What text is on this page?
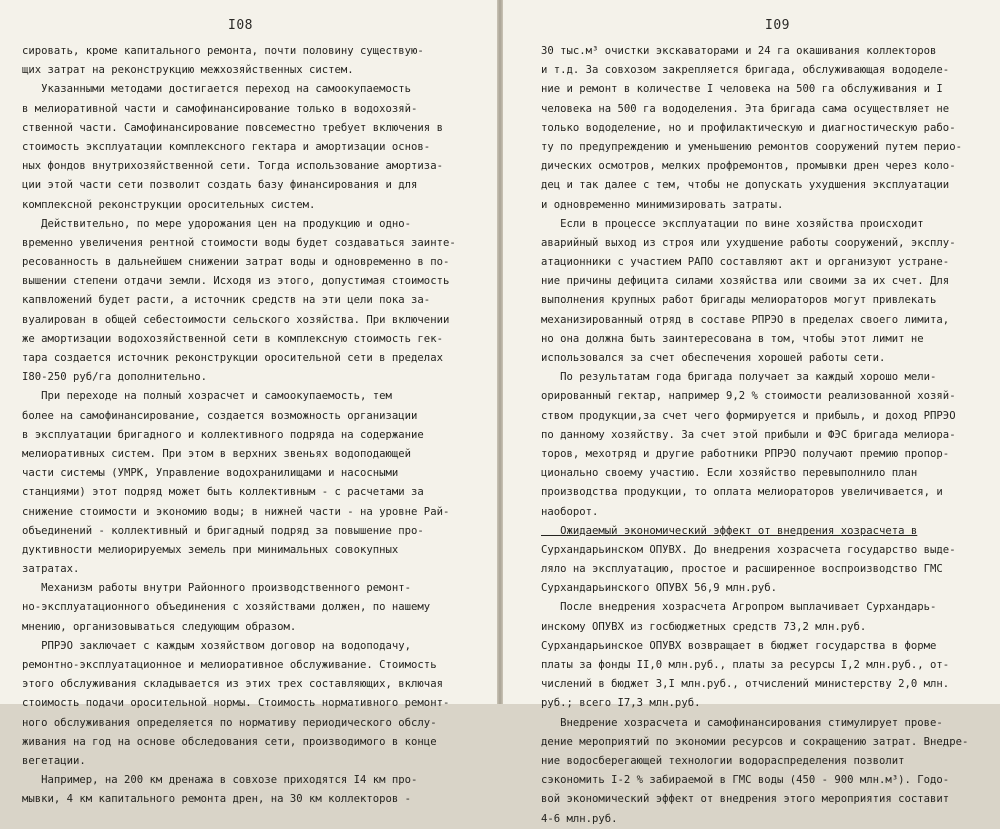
I08
сировать, кроме капитального ремонта, почти половину существую-
щих затрат на реконструкцию межхозяйственных систем.
Указанными методами достигается переход на самоокупаемость
в мелиоративной части и самофинансирование только в водохозяй-
ственной части. Самофинансирование повсеместно требует включения в
стоимость эксплуатации комплексного гектара и амортизации основ-
ных фондов внутрихозяйственной сети. Тогда использование амортиза-
ции этой части сети позволит создать базу финансирования и для
комплексной реконструкции оросительных систем.
Действительно, по мере удорожания цен на продукцию и одно-
временно увеличения рентной стоимости воды будет создаваться заинте-
ресованность в дальнейшем снижении затрат воды и одновременно в по-
вышении степени отдачи земли. Исходя из этого, допустимая стоимость
капвложений будет расти, а источник средств на эти цели пока за-
вуалирован в общей себестоимости сельского хозяйства. При включении
же амортизации водохозяйственной сети в комплексную стоимость гек-
тара создается источник реконструкции оросительной сети в пределах
I80-250 руб/га дополнительно.
При переходе на полный хозрасчет и самоокупаемость, тем
более на самофинансирование, создается возможность организации
в эксплуатации бригадного и коллективного подряда на содержание
мелиоративных систем. При этом в верхних звеньях водоподающей
части системы (УМРК, Управление водохранилищами и насосными
станциями) этот подряд может быть коллективным - с расчетами за
снижение стоимости и экономию воды; в нижней части - на уровне Рай-
объединений - коллективный и бригадный подряд за повышение про-
дуктивности мелиорируемых земель при минимальных совокупных
затратах.
Механизм работы внутри Районного производственного ремонт-
но-эксплуатационного объединения с хозяйствами должен, по нашему
мнению, организовываться следующим образом.
РПРЭО заключает с каждым хозяйством договор на водоподачу,
ремонтно-эксплуатационное и мелиоративное обслуживание. Стоимость
этого обслуживания складывается из этих трех составляющих, включая
стоимость подачи оросительной нормы. Стоимость нормативного ремонт-
ного обслуживания определяется по нормативу периодического обслу-
живания на год на основе обследования сети, производимого в конце
вегетации.
Например, на 200 км дренажа в совхозе приходятся I4 км про-
мывки, 4 км капитального ремонта дрен, на 30 км коллекторов -
I09
30 тыс.м³ очистки экскаваторами и 24 га окашивания коллекторов
и т.д. За совхозом закрепляется бригада, обслуживающая вододеле-
ние и ремонт в количестве I человека на 500 га обслуживания и I
человека на 500 га вододеления. Эта бригада сама осуществляет не
только вододеление, но и профилактическую и диагностическую рабо-
ту по предупреждению и уменьшению ремонтов сооружений путем перио-
дических осмотров, мелких профремонтов, промывки дрен через коло-
дец и так далее с тем, чтобы не допускать ухудшения эксплуатации
и одновременно минимизировать затраты.
Если в процессе эксплуатации по вине хозяйства происходит
аварийный выход из строя или ухудшение работы сооружений, эксплу-
атационники с участием РАПО составляют акт и организуют устране-
ние причины дефицита силами хозяйства или своими за их счет. Для
выполнения крупных работ бригады мелиораторов могут привлекать
механизированный отряд в составе РПРЭО в пределах своего лимита,
но она должна быть заинтересована в том, чтобы этот лимит не
использовался за счет обеспечения хорошей работы сети.
По результатам года бригада получает за каждый хорошо мели-
орированный гектар, например 9,2 % стоимости реализованной хозяй-
ством продукции,за счет чего формируется и прибыль, и доход РПРЭО
по данному хозяйству. За счет этой прибыли и ФЭС бригада мелиора-
торов, мехотряд и другие работники РПРЭО получают премию пропор-
ционально своему участию. Если хозяйство перевыполнило план
производства продукции, то оплата мелиораторов увеличивается, и
наоборот.
Ожидаемый экономический эффект от внедрения хозрасчета в
Сурхандарьинском ОПУВХ. До внедрения хозрасчета государство выде-
ляло на эксплуатацию, простое и расширенное воспроизводство ГМС
Сурхандарьинского ОПУВХ 56,9 млн.руб.
После внедрения хозрасчета Агропром выплачивает Сурхандарь-
инскому ОПУВХ из госбюджетных средств 73,2 млн.руб.
Сурхандарьинское ОПУВХ возвращает в бюджет государства в форме
платы за фонды II,0 млн.руб., платы за ресурсы I,2 млн.руб., от-
числений в бюджет 3,I млн.руб., отчислений министерству 2,0 млн.
руб.; всего I7,3 млн.руб.
Внедрение хозрасчета и самофинансирования стимулирует прове-
дение мероприятий по экономии ресурсов и сокращению затрат. Внедре-
ние водосберегающей технологии водораспределения позволит
сэкономить I-2 % забираемой в ГМС воды (450 - 900 млн.м³). Годо-
вой экономический эффект от внедрения этого мероприятия составит
4-6 млн.руб.
